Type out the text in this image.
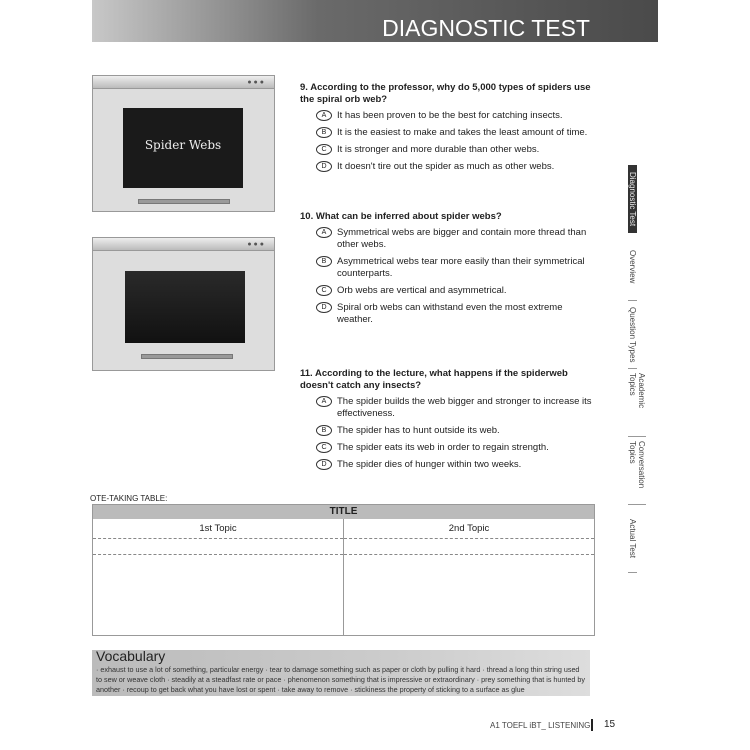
DIAGNOSTIC TEST
●●●
Spider Webs
●●●
9. According to the professor, why do 5,000 types of spiders use the spiral orb web?
A	It has been proven to be the best for catching insects.
B	It is the easiest to make and takes the least amount of time.
C	It is stronger and more durable than other webs.
D	It doesn't tire out the spider as much as other webs.
10. What can be inferred about spider webs?
A	Symmetrical webs are bigger and contain more thread than other webs.
B	Asymmetrical webs tear more easily than their symmetrical counterparts.
C	Orb webs are vertical and asymmetrical.
D	Spiral orb webs can withstand even the most extreme weather.
11. According to the lecture, what happens if the spiderweb doesn't catch any insects?
A	The spider builds the web bigger and stronger to increase its effectiveness.
B	The spider has to hunt outside its web.
C	The spider eats its web in order to regain strength.
D	The spider dies of hunger within two weeks.
Diagnostic Test
Overview
Question Types
Academic Topics
Conversation Topics
Actual Test
OTE-TAKING TABLE:
TITLE
1st Topic	2nd Topic
Vocabulary
· exhaust to use a lot of something, particular energy · tear to damage something such as paper or cloth by pulling it hard · thread a long thin string used to sew or weave cloth · steadily at a steadfast rate or pace · phenomenon something that is impressive or extraordinary · prey something that is hunted by another · recoup to get back what you have lost or spent · take away to remove · stickiness the property of sticking to a surface as glue
A1 TOEFL iBT_ LISTENING 15
